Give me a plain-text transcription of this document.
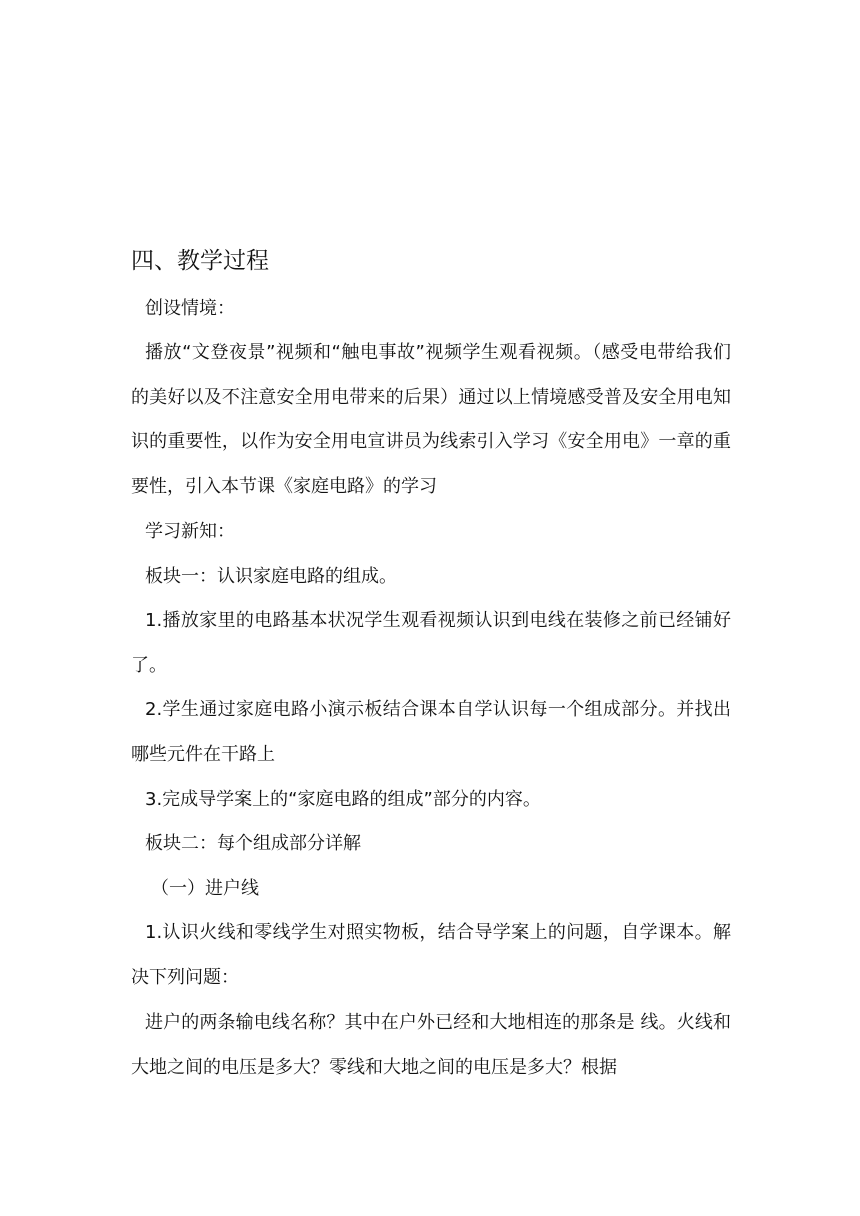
四、教学过程

创设情境：

播放“文登夜景”视频和“触电事故”视频学生观看视频。（感受电带给我们的美好以及不注意安全用电带来的后果）通过以上情境感受普及安全用电知识的重要性，以作为安全用电宣讲员为线索引入学习《安全用电》一章的重要性，引入本节课《家庭电路》的学习

学习新知：

板块一：认识家庭电路的组成。

1.播放家里的电路基本状况学生观看视频认识到电线在装修之前已经铺好了。

2.学生通过家庭电路小演示板结合课本自学认识每一个组成部分。并找出哪些元件在干路上

3.完成导学案上的“家庭电路的组成”部分的内容。

板块二：每个组成部分详解

（一）进户线

1.认识火线和零线学生对照实物板，结合导学案上的问题，自学课本。解决下列问题：

进户的两条输电线名称？其中在户外已经和大地相连的那条是 线。火线和大地之间的电压是多大？零线和大地之间的电压是多大？根据
